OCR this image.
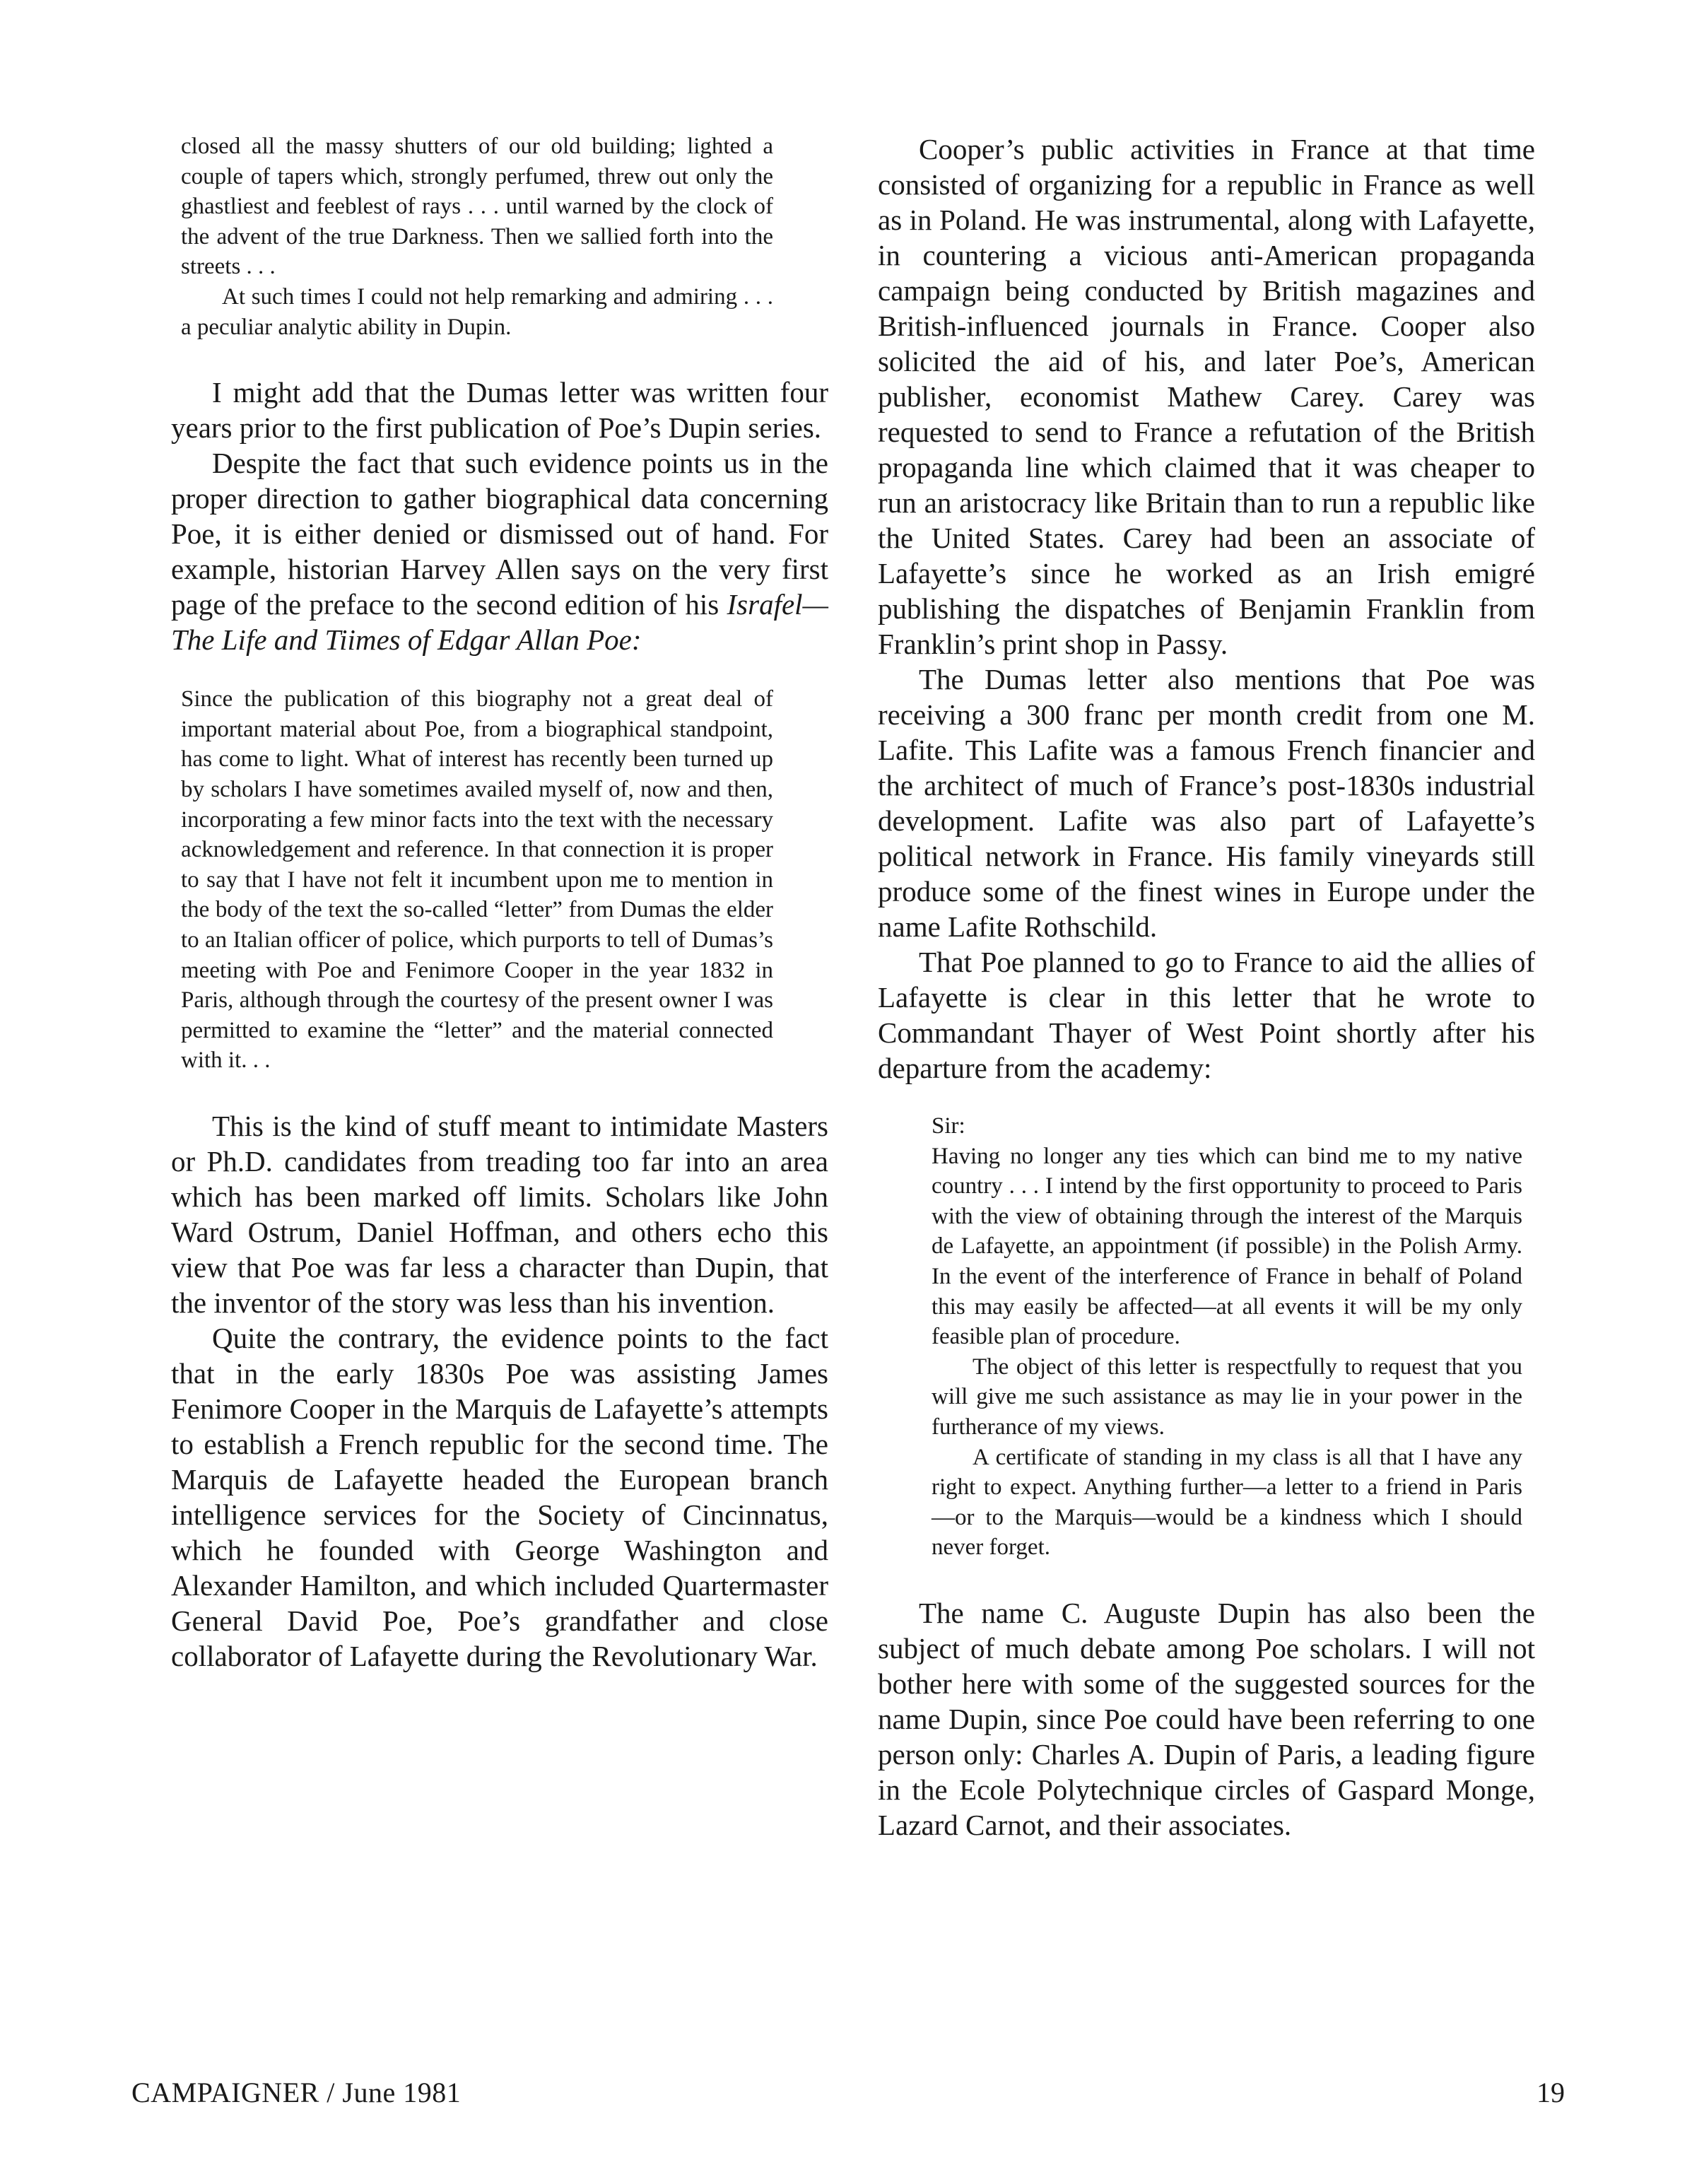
closed all the massy shutters of our old building; lighted a couple of tapers which, strongly perfumed, threw out only the ghastliest and feeblest of rays . . . until warned by the clock of the advent of the true Darkness. Then we sallied forth into the streets . . .

At such times I could not help remarking and admiring . . . a peculiar analytic ability in Dupin.

I might add that the Dumas letter was written four years prior to the first publication of Poe’s Dupin series.

Despite the fact that such evidence points us in the proper direction to gather biographical data concerning Poe, it is either denied or dismissed out of hand. For example, historian Harvey Allen says on the very first page of the preface to the second edition of his Israfel—The Life and Tiimes of Edgar Allan Poe:

Since the publication of this biography not a great deal of important material about Poe, from a biographical standpoint, has come to light. What of interest has recently been turned up by scholars I have sometimes availed myself of, now and then, incorporating a few minor facts into the text with the necessary acknowledgement and reference. In that connection it is proper to say that I have not felt it incumbent upon me to mention in the body of the text the so-called “letter” from Dumas the elder to an Italian officer of police, which purports to tell of Dumas’s meeting with Poe and Fenimore Cooper in the year 1832 in Paris, although through the courtesy of the present owner I was permitted to examine the “letter” and the material connected with it. . .

This is the kind of stuff meant to intimidate Masters or Ph.D. candidates from treading too far into an area which has been marked off limits. Scholars like John Ward Ostrum, Daniel Hoffman, and others echo this view that Poe was far less a character than Dupin, that the inventor of the story was less than his invention.

Quite the contrary, the evidence points to the fact that in the early 1830s Poe was assisting James Fenimore Cooper in the Marquis de Lafayette’s attempts to establish a French republic for the second time. The Marquis de Lafayette headed the European branch intelligence services for the Society of Cincinnatus, which he founded with George Washington and Alexander Hamilton, and which included Quartermaster General David Poe, Poe’s grandfather and close collaborator of Lafayette during the Revolutionary War.

Cooper’s public activities in France at that time consisted of organizing for a republic in France as well as in Poland. He was instrumental, along with Lafayette, in countering a vicious anti-American propaganda campaign being conducted by British magazines and British-influenced journals in France. Cooper also solicited the aid of his, and later Poe’s, American publisher, economist Mathew Carey. Carey was requested to send to France a refutation of the British propaganda line which claimed that it was cheaper to run an aristocracy like Britain than to run a republic like the United States. Carey had been an associate of Lafayette’s since he worked as an Irish emigré publishing the dispatches of Benjamin Franklin from Franklin’s print shop in Passy.

The Dumas letter also mentions that Poe was receiving a 300 franc per month credit from one M. Lafite. This Lafite was a famous French financier and the architect of much of France’s post-1830s industrial development. Lafite was also part of Lafayette’s political network in France. His family vineyards still produce some of the finest wines in Europe under the name Lafite Rothschild.

That Poe planned to go to France to aid the allies of Lafayette is clear in this letter that he wrote to Commandant Thayer of West Point shortly after his departure from the academy:

Sir:

Having no longer any ties which can bind me to my native country . . . I intend by the first opportunity to proceed to Paris with the view of obtaining through the interest of the Marquis de Lafayette, an appointment (if possible) in the Polish Army. In the event of the interference of France in behalf of Poland this may easily be affected—at all events it will be my only feasible plan of procedure.

The object of this letter is respectfully to request that you will give me such assistance as may lie in your power in the furtherance of my views.

A certificate of standing in my class is all that I have any right to expect. Anything further—a letter to a friend in Paris—or to the Marquis—would be a kindness which I should never forget.

The name C. Auguste Dupin has also been the subject of much debate among Poe scholars. I will not bother here with some of the suggested sources for the name Dupin, since Poe could have been referring to one person only: Charles A. Dupin of Paris, a leading figure in the Ecole Polytechnique circles of Gaspard Monge, Lazard Carnot, and their associates.

CAMPAIGNER / June 1981	19
